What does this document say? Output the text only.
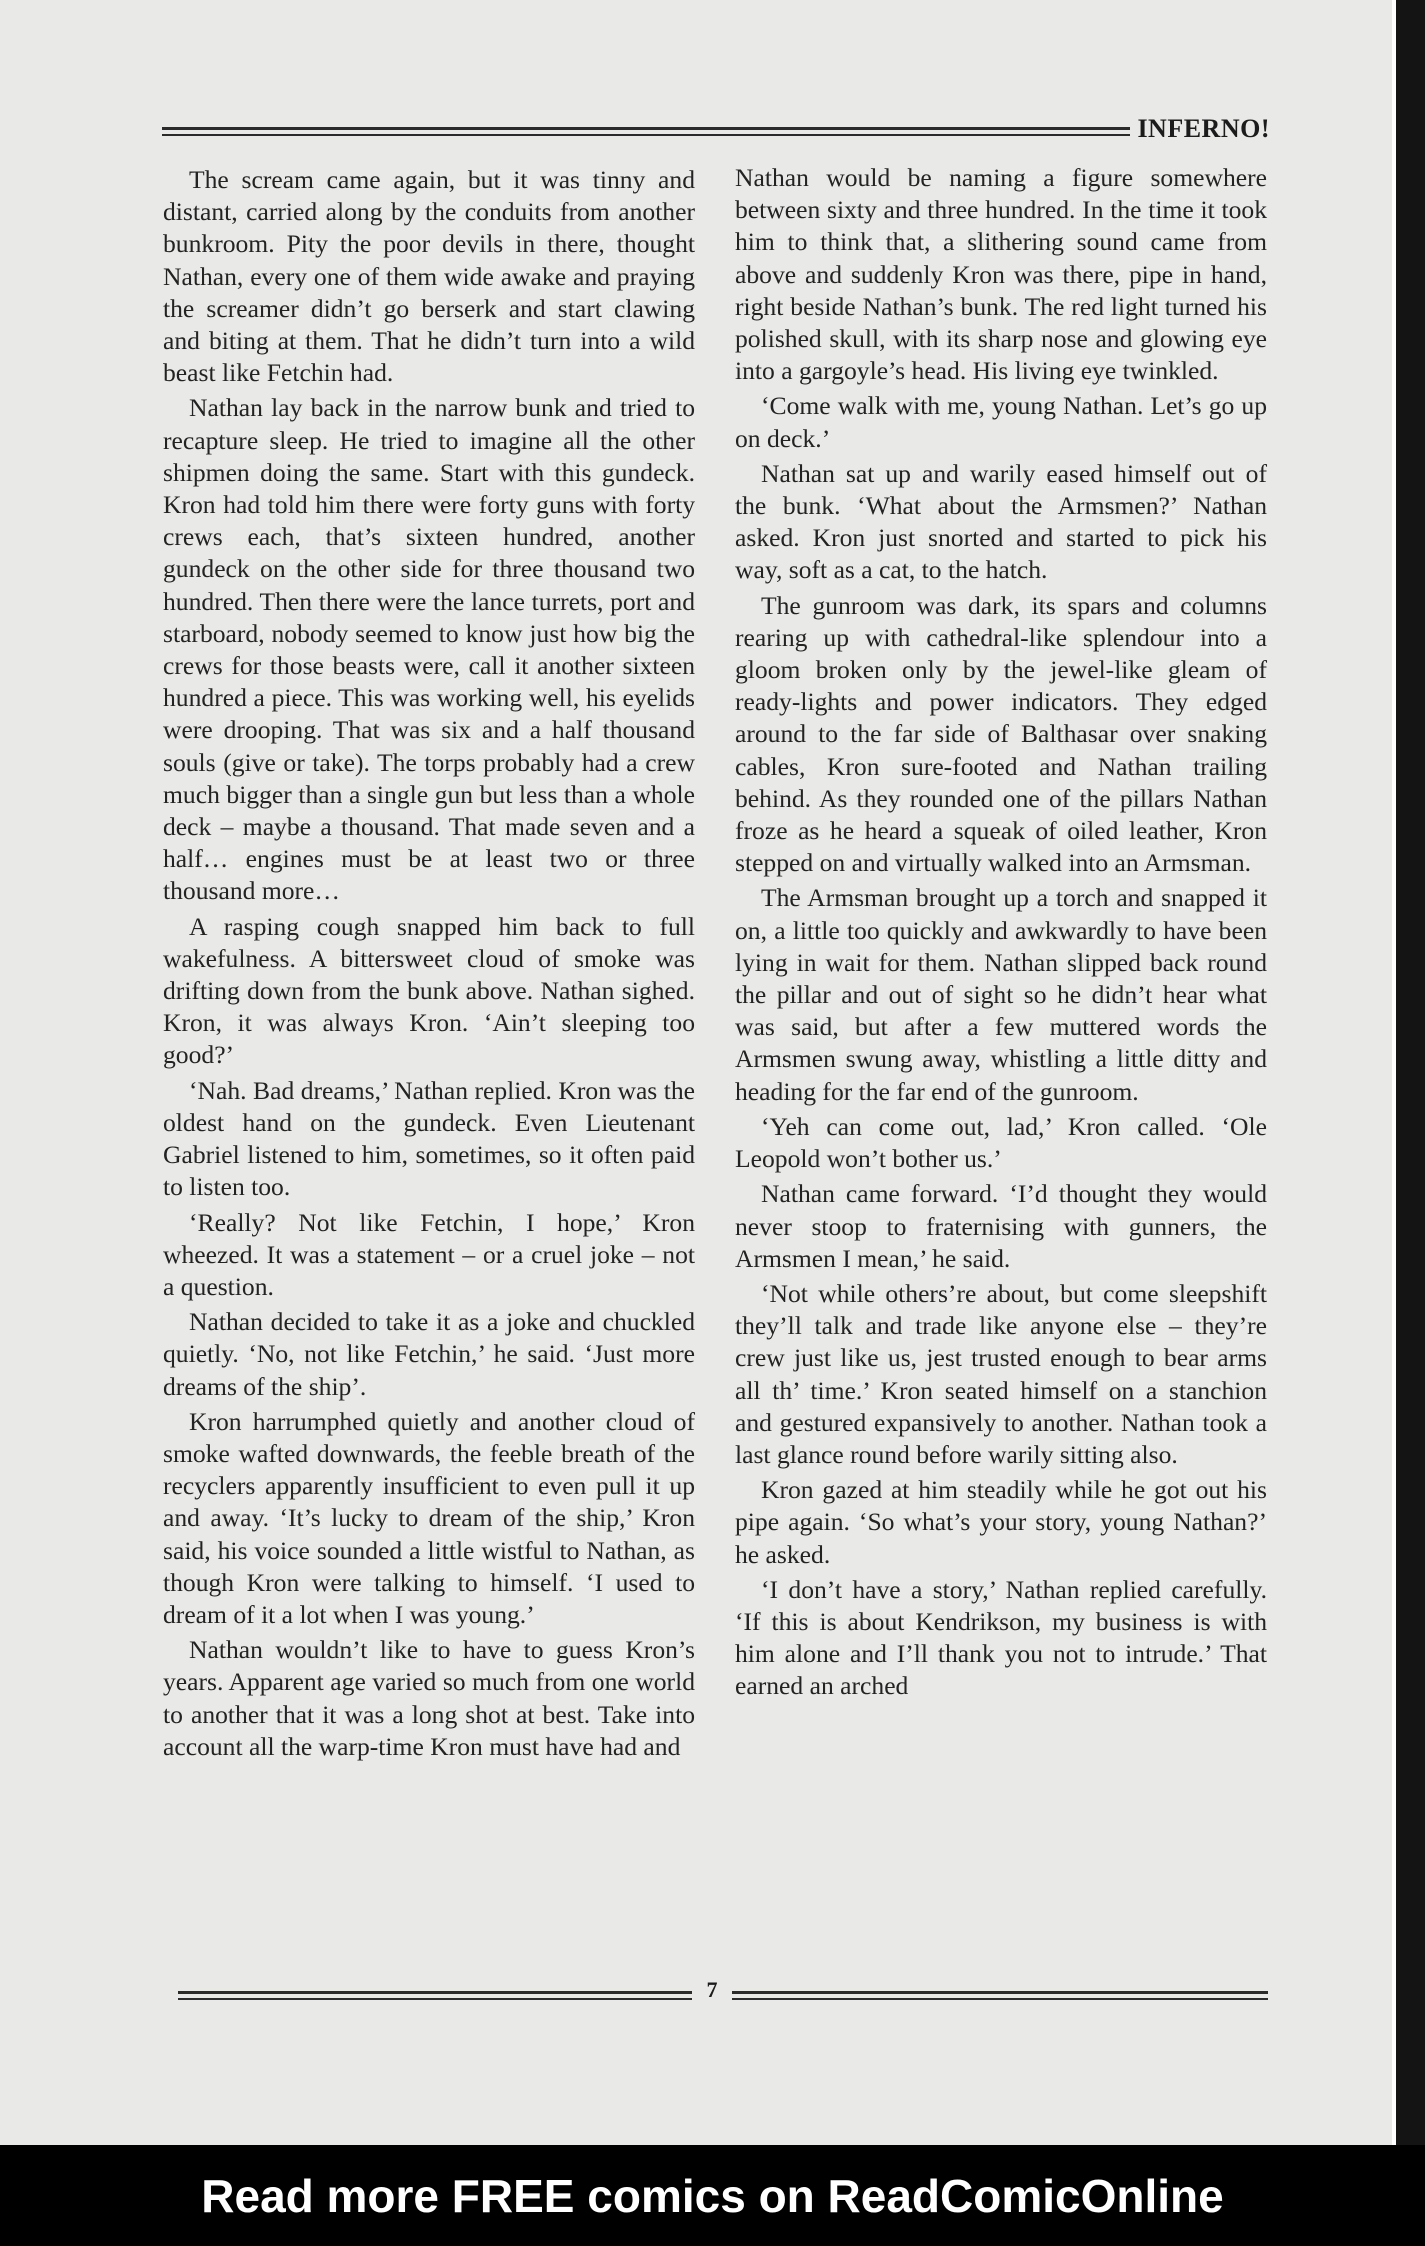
INFERNO!

The scream came again, but it was tinny and distant, carried along by the conduits from another bunkroom. Pity the poor devils in there, thought Nathan, every one of them wide awake and praying the screamer didn’t go berserk and start clawing and biting at them. That he didn’t turn into a wild beast like Fetchin had.

Nathan lay back in the narrow bunk and tried to recapture sleep. He tried to imagine all the other shipmen doing the same. Start with this gundeck. Kron had told him there were forty guns with forty crews each, that’s sixteen hundred, another gundeck on the other side for three thousand two hundred. Then there were the lance turrets, port and starboard, nobody seemed to know just how big the crews for those beasts were, call it another sixteen hundred a piece. This was working well, his eyelids were drooping. That was six and a half thousand souls (give or take). The torps probably had a crew much bigger than a single gun but less than a whole deck – maybe a thousand. That made seven and a half… engines must be at least two or three thousand more…

A rasping cough snapped him back to full wakefulness. A bittersweet cloud of smoke was drifting down from the bunk above. Nathan sighed. Kron, it was always Kron. ‘Ain’t sleeping too good?’

‘Nah. Bad dreams,’ Nathan replied. Kron was the oldest hand on the gundeck. Even Lieutenant Gabriel listened to him, sometimes, so it often paid to listen too.

‘Really? Not like Fetchin, I hope,’ Kron wheezed. It was a statement – or a cruel joke – not a question.

Nathan decided to take it as a joke and chuckled quietly. ‘No, not like Fetchin,’ he said. ‘Just more dreams of the ship’.

Kron harrumphed quietly and another cloud of smoke wafted downwards, the feeble breath of the recyclers apparently insufficient to even pull it up and away. ‘It’s lucky to dream of the ship,’ Kron said, his voice sounded a little wistful to Nathan, as though Kron were talking to himself. ‘I used to dream of it a lot when I was young.’

Nathan wouldn’t like to have to guess Kron’s years. Apparent age varied so much from one world to another that it was a long shot at best. Take into account all the warp-time Kron must have had and

Nathan would be naming a figure somewhere between sixty and three hundred. In the time it took him to think that, a slithering sound came from above and suddenly Kron was there, pipe in hand, right beside Nathan’s bunk. The red light turned his polished skull, with its sharp nose and glowing eye into a gargoyle’s head. His living eye twinkled.

‘Come walk with me, young Nathan. Let’s go up on deck.’

Nathan sat up and warily eased himself out of the bunk. ‘What about the Armsmen?’ Nathan asked. Kron just snorted and started to pick his way, soft as a cat, to the hatch.

The gunroom was dark, its spars and columns rearing up with cathedral-like splendour into a gloom broken only by the jewel-like gleam of ready-lights and power indicators. They edged around to the far side of Balthasar over snaking cables, Kron sure-footed and Nathan trailing behind. As they rounded one of the pillars Nathan froze as he heard a squeak of oiled leather, Kron stepped on and virtually walked into an Armsman.

The Armsman brought up a torch and snapped it on, a little too quickly and awkwardly to have been lying in wait for them. Nathan slipped back round the pillar and out of sight so he didn’t hear what was said, but after a few muttered words the Armsmen swung away, whistling a little ditty and heading for the far end of the gunroom.

‘Yeh can come out, lad,’ Kron called. ‘Ole Leopold won’t bother us.’

Nathan came forward. ‘I’d thought they would never stoop to fraternising with gunners, the Armsmen I mean,’ he said.

‘Not while others’re about, but come sleepshift they’ll talk and trade like anyone else – they’re crew just like us, jest trusted enough to bear arms all th’ time.’ Kron seated himself on a stanchion and gestured expansively to another. Nathan took a last glance round before warily sitting also.

Kron gazed at him steadily while he got out his pipe again. ‘So what’s your story, young Nathan?’ he asked.

‘I don’t have a story,’ Nathan replied carefully. ‘If this is about Kendrikson, my business is with him alone and I’ll thank you not to intrude.’ That earned an arched

7
Read more FREE comics on ReadComicOnline
